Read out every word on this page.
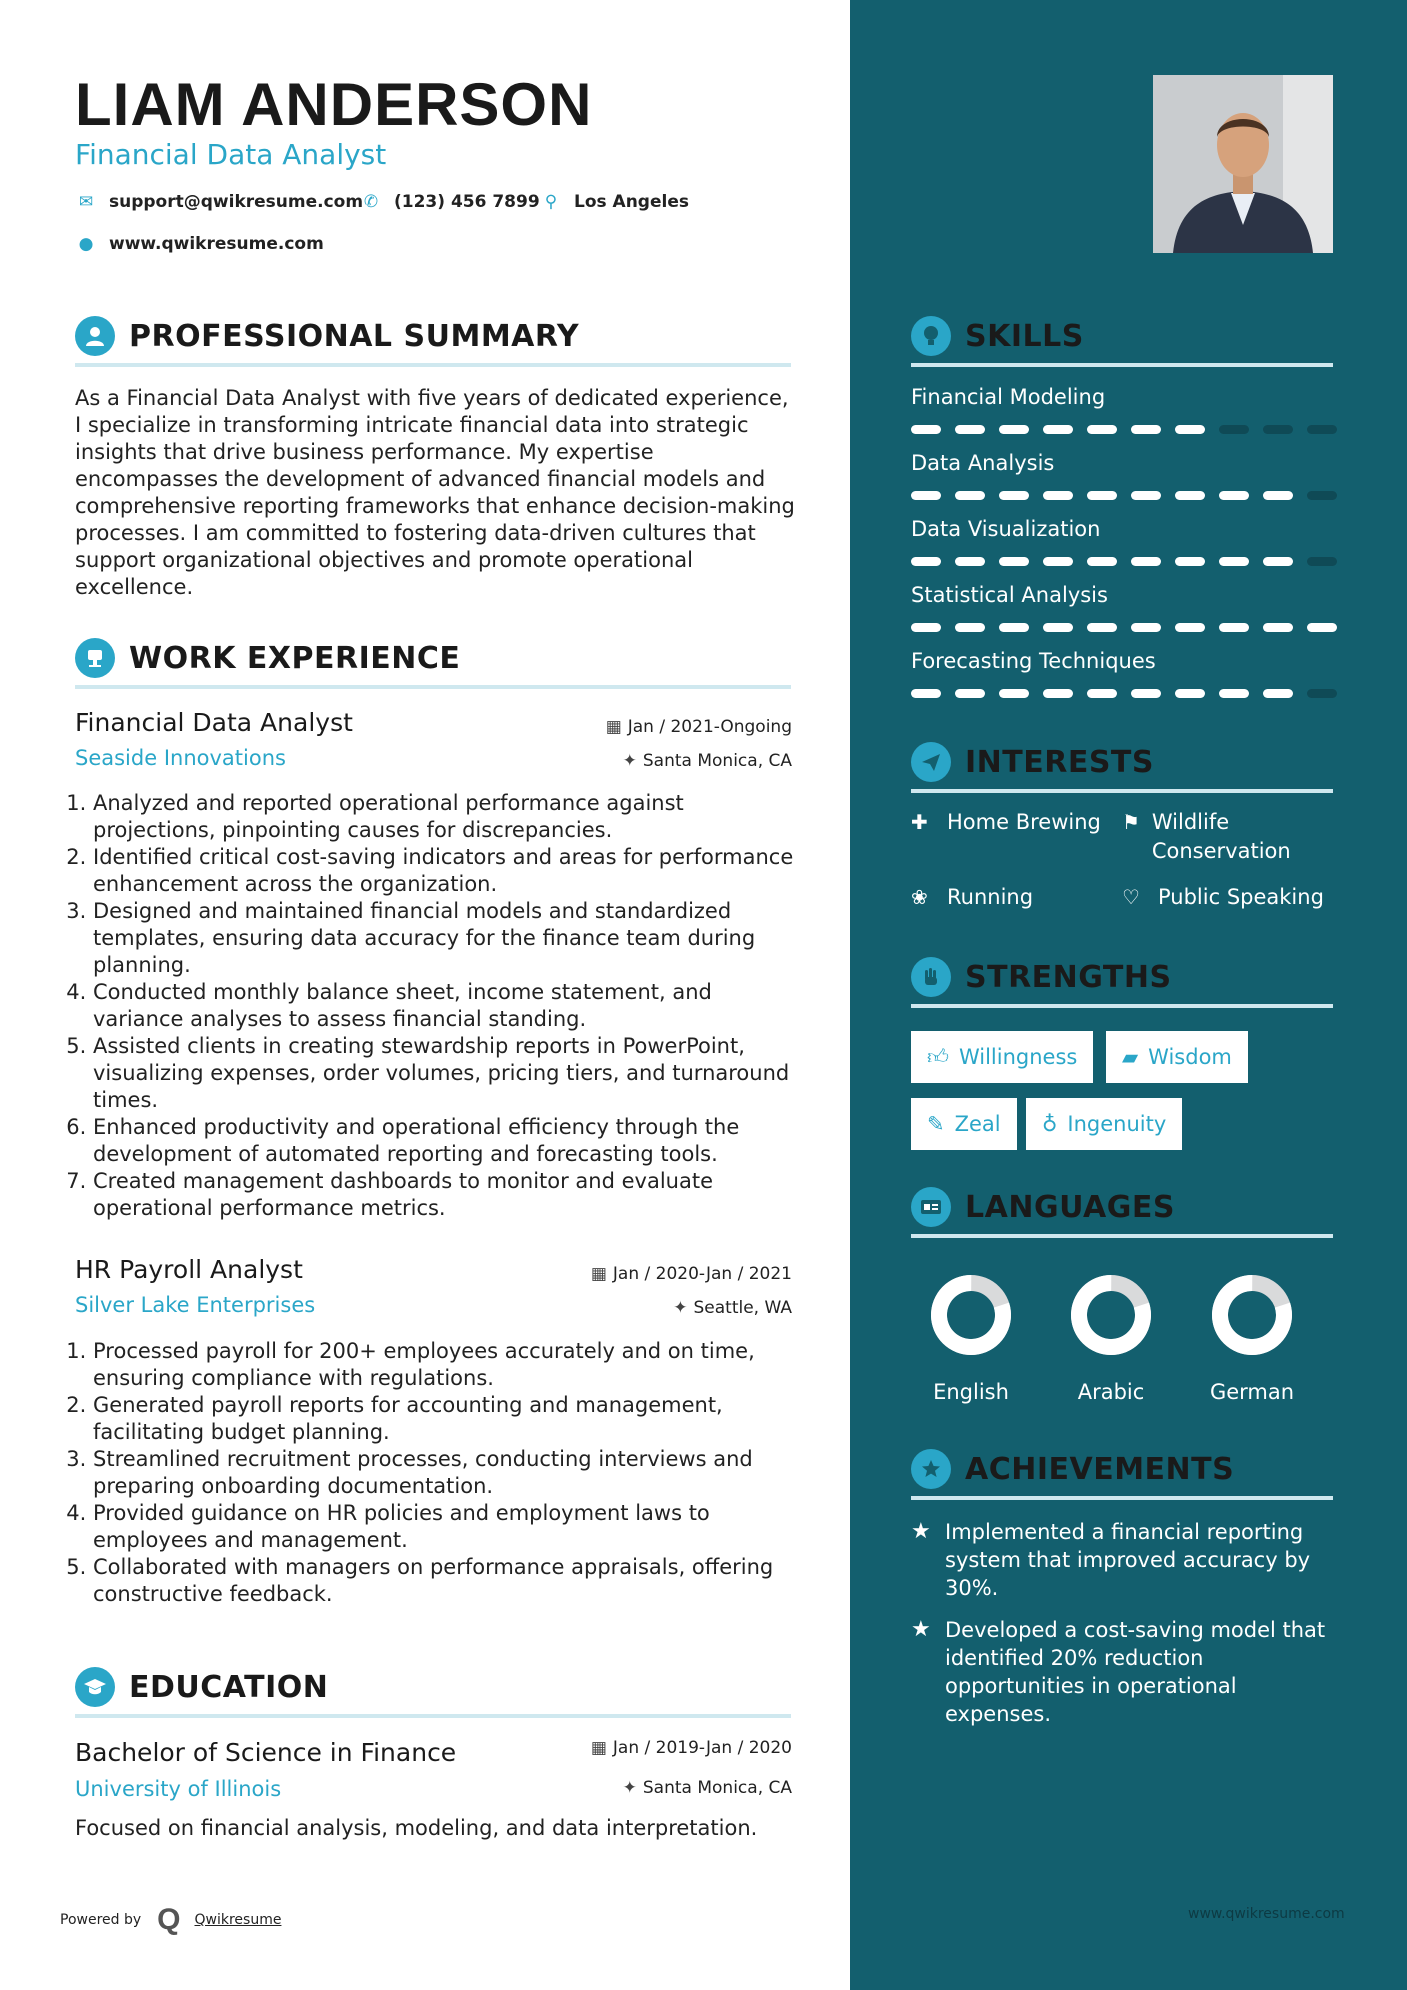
LIAM ANDERSON
Financial Data Analyst
✉ support@qwikresume.com ✆ (123) 456 7899 ⚲ Los Angeles
● www.qwikresume.com
PROFESSIONAL SUMMARY
As a Financial Data Analyst with five years of dedicated experience, I specialize in transforming intricate financial data into strategic insights that drive business performance. My expertise encompasses the development of advanced financial models and comprehensive reporting frameworks that enhance decision-making processes. I am committed to fostering data-driven cultures that support organizational objectives and promote operational excellence.
WORK EXPERIENCE
Financial Data Analyst	▦ Jan / 2021-Ongoing
Seaside Innovations	✦ Santa Monica, CA
1. Analyzed and reported operational performance against projections, pinpointing causes for discrepancies.
2. Identified critical cost-saving indicators and areas for performance enhancement across the organization.
3. Designed and maintained financial models and standardized templates, ensuring data accuracy for the finance team during planning.
4. Conducted monthly balance sheet, income statement, and variance analyses to assess financial standing.
5. Assisted clients in creating stewardship reports in PowerPoint, visualizing expenses, order volumes, pricing tiers, and turnaround times.
6. Enhanced productivity and operational efficiency through the development of automated reporting and forecasting tools.
7. Created management dashboards to monitor and evaluate operational performance metrics.
HR Payroll Analyst	▦ Jan / 2020-Jan / 2021
Silver Lake Enterprises	✦ Seattle, WA
1. Processed payroll for 200+ employees accurately and on time, ensuring compliance with regulations.
2. Generated payroll reports for accounting and management, facilitating budget planning.
3. Streamlined recruitment processes, conducting interviews and preparing onboarding documentation.
4. Provided guidance on HR policies and employment laws to employees and management.
5. Collaborated with managers on performance appraisals, offering constructive feedback.
EDUCATION
Bachelor of Science in Finance	▦ Jan / 2019-Jan / 2020
University of Illinois	✦ Santa Monica, CA
Focused on financial analysis, modeling, and data interpretation.
Powered by Q Qwikresume
SKILLS
Financial Modeling
Data Analysis
Data Visualization
Statistical Analysis
Forecasting Techniques
INTERESTS
✚ Home Brewing ⚑ Wildlife Conservation
❀ Running	♡ Public Speaking
STRENGTHS
👍︎ Willingness ▰ Wisdom
✎ Zeal ♁ Ingenuity
LANGUAGES
English	Arabic	German
ACHIEVEMENTS
★ Implemented a financial reporting system that improved accuracy by 30%.
★ Developed a cost-saving model that identified 20% reduction opportunities in operational expenses.
www.qwikresume.com
